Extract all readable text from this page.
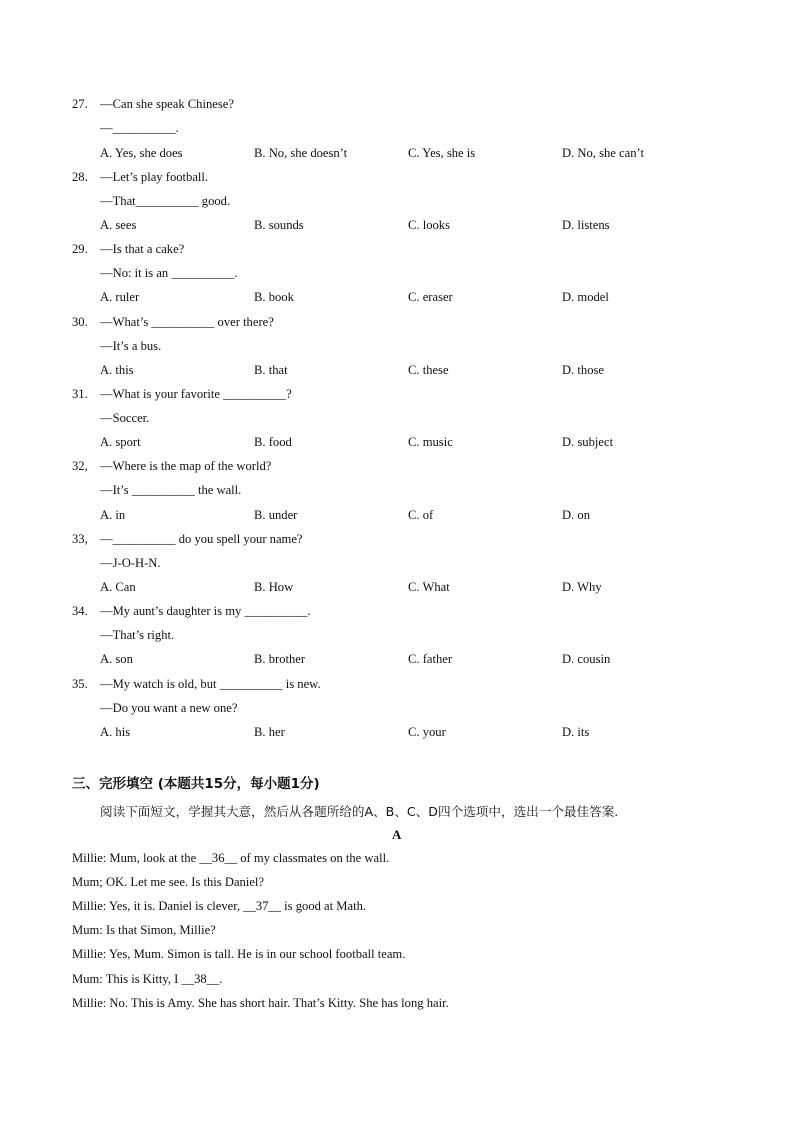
27. —Can she speak Chinese?
—__________.
A. Yes, she does	B. No, she doesn’t	C. Yes, she is	D. No, she can’t
28. —Let’s play football.
—That__________ good.
A. sees	B. sounds	C. looks	D. listens
29. —Is that a cake?
—No: it is an __________.
A. ruler	B. book	C. eraser	D. model
30. —What’s __________ over there?
—It’s a bus.
A. this	B. that	C. these	D. those
31. —What is your favorite __________?
—Soccer.
A. sport	B. food	C. music	D. subject
32, —Where is the map of the world?
—It’s __________ the wall.
A. in	B. under	C. of	D. on
33, —__________ do you spell your name?
—J-O-H-N.
A. Can	B. How	C. What	D. Why
34. —My aunt’s daughter is my __________.
—That’s right.
A. son	B. brother	C. father	D. cousin
35. —My watch is old, but __________ is new.
—Do you want a new one?
A. his	B. her	C. your	D. its
三、完形填空 (本题共15分，每小题1分)
阅读下面短文，学握其大意，然后从各题所给的A、B、C、D四个选项中，选出一个最佳答案.
A
Millie: Mum, look at the __36__ of my classmates on the wall.
Mum; OK. Let me see. Is this Daniel?
Millie: Yes, it is. Daniel is clever, __37__ is good at Math.
Mum: Is that Simon, Millie?
Millie: Yes, Mum. Simon is tall. He is in our school football team.
Mum: This is Kitty, I __38__.
Millie: No. This is Amy. She has short hair. That’s Kitty. She has long hair.
